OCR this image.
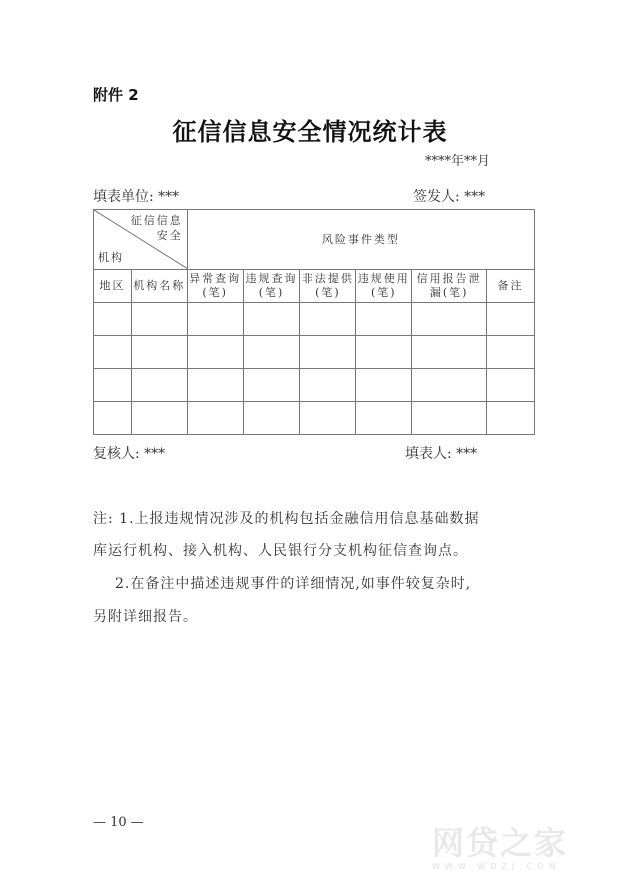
附件 2
征信信息安全情况统计表
****年**月
填表单位: ***	签发人: ***
征信信息
安全
机构		风险事件类型					
地区	机构名称	异常查询(笔)	违规查询(笔)	非法提供(笔)	违规使用(笔)	信用报告泄漏(笔)	备注

复核人: ***	填表人: ***
注: 1.上报违规情况涉及的机构包括金融信用信息基础数据
库运行机构、接入机构、人民银行分支机构征信查询点。
2.在备注中描述违规事件的详细情况,如事件较复杂时,
另附详细报告。
— 10 —
网贷之家
WWW.WDZJ.COM
